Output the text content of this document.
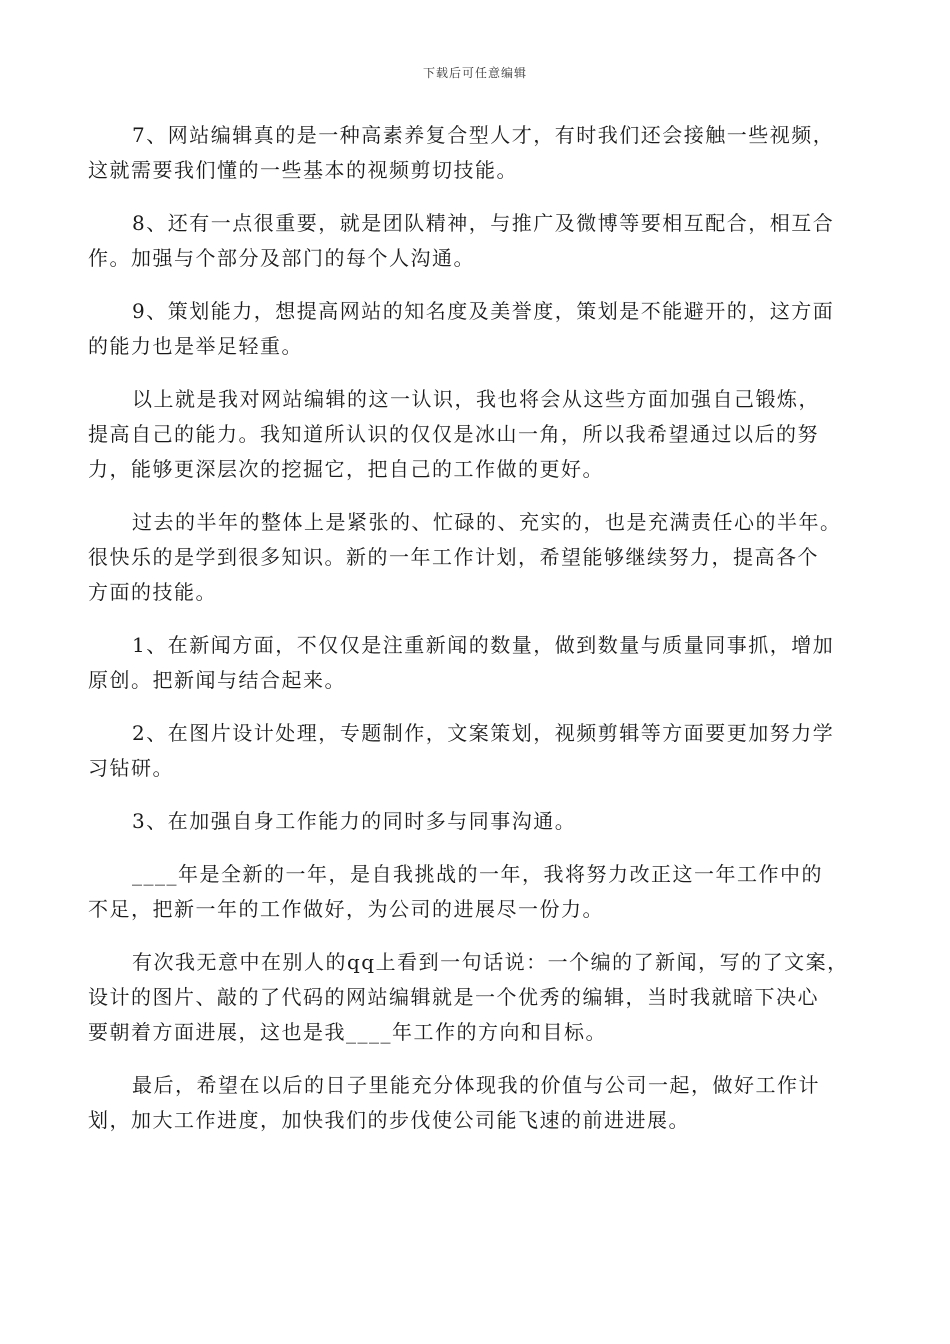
下载后可任意编辑

7、网站编辑真的是一种高素养复合型人才，有时我们还会接触一些视频，
这就需要我们懂的一些基本的视频剪切技能。

8、还有一点很重要，就是团队精神，与推广及微博等要相互配合，相互合
作。加强与个部分及部门的每个人沟通。

9、策划能力，想提高网站的知名度及美誉度，策划是不能避开的，这方面
的能力也是举足轻重。

以上就是我对网站编辑的这一认识，我也将会从这些方面加强自己锻炼，
提高自己的能力。我知道所认识的仅仅是冰山一角，所以我希望通过以后的努
力，能够更深层次的挖掘它，把自己的工作做的更好。

过去的半年的整体上是紧张的、忙碌的、充实的，也是充满责任心的半年。
很快乐的是学到很多知识。新的一年工作计划，希望能够继续努力，提高各个
方面的技能。

1、在新闻方面，不仅仅是注重新闻的数量，做到数量与质量同事抓，增加
原创。把新闻与结合起来。

2、在图片设计处理，专题制作，文案策划，视频剪辑等方面要更加努力学
习钻研。

3、在加强自身工作能力的同时多与同事沟通。

____年是全新的一年，是自我挑战的一年，我将努力改正这一年工作中的
不足，把新一年的工作做好，为公司的进展尽一份力。

有次我无意中在别人的qq上看到一句话说：一个编的了新闻，写的了文案，
设计的图片、敲的了代码的网站编辑就是一个优秀的编辑，当时我就暗下决心
要朝着方面进展，这也是我____年工作的方向和目标。

最后，希望在以后的日子里能充分体现我的价值与公司一起，做好工作计
划，加大工作进度，加快我们的步伐使公司能飞速的前进进展。
